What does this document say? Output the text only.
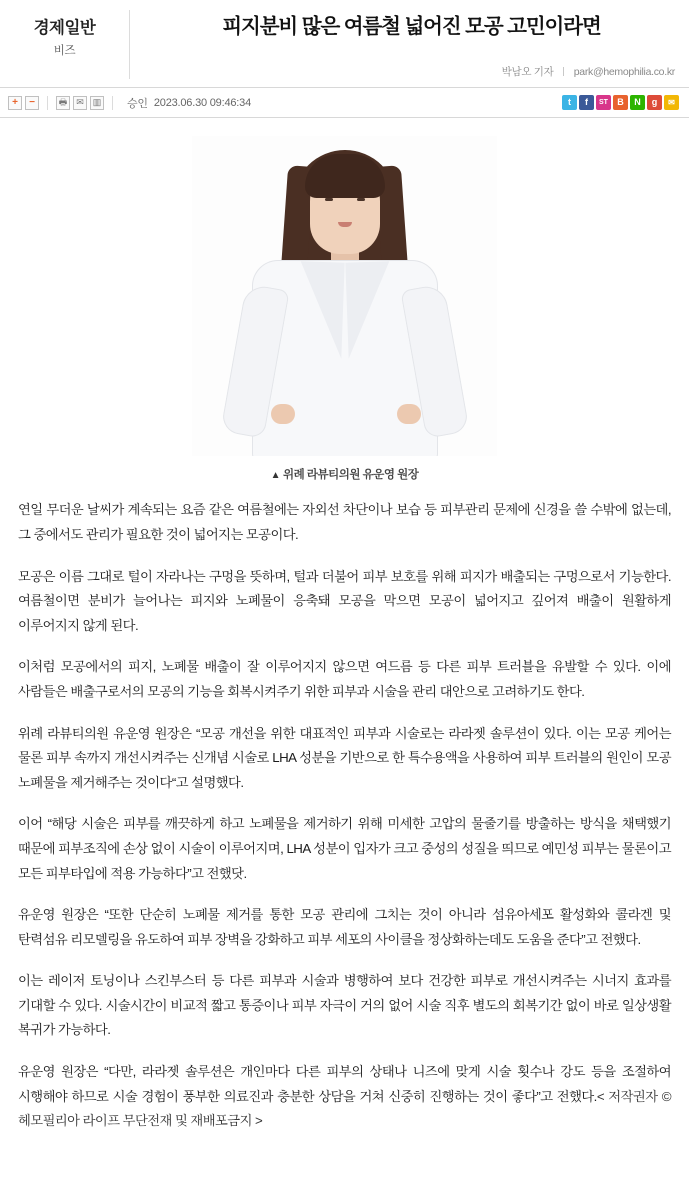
경제일반
비즈
피지분비 많은 여름철 넓어진 모공 고민이라면
박남오 기자 park@hemophilia.co.kr
+	−	🖶 ✉ ▥ 승인 2023.06.30 09:46:34	t	f	ST	B	N	g	✉
▲ 위례 라뷰티의원 유운영 원장

연일 무더운 날씨가 계속되는 요즘 같은 여름철에는 자외선 차단이나 보습 등 피부관리 문제에 신경을 쓸 수밖에 없는데, 그 중에서도 관리가 필요한 것이 넓어지는 모공이다.

모공은 이름 그대로 털이 자라나는 구멍을 뜻하며, 털과 더불어 피부 보호를 위해 피지가 배출되는 구멍으로서 기능한다. 여름철이면 분비가 늘어나는 피지와 노폐물이 응축돼 모공을 막으면 모공이 넓어지고 깊어져 배출이 원활하게 이루어지지 않게 된다.

이처럼 모공에서의 피지, 노폐물 배출이 잘 이루어지지 않으면 여드름 등 다른 피부 트러블을 유발할 수 있다. 이에 사람들은 배출구로서의 모공의 기능을 회복시켜주기 위한 피부과 시술을 관리 대안으로 고려하기도 한다.

위례 라뷰티의원 유운영 원장은 “모공 개선을 위한 대표적인 피부과 시술로는 라라젯 솔루션이 있다. 이는 모공 케어는 물론 피부 속까지 개선시켜주는 신개념 시술로 LHA 성분을 기반으로 한 특수용액을 사용하여 피부 트러블의 원인이 모공 노폐물을 제거해주는 것이다“고 설명했다.

이어 “해당 시술은 피부를 깨끗하게 하고 노폐물을 제거하기 위해 미세한 고압의 물줄기를 방출하는 방식을 채택했기 때문에 피부조직에 손상 없이 시술이 이루어지며, LHA 성분이 입자가 크고 중성의 성질을 띄므로 예민성 피부는 물론이고 모든 피부타입에 적용 가능하다”고 전했닷.

유운영 원장은 “또한 단순히 노폐물 제거를 통한 모공 관리에 그치는 것이 아니라 섬유아세포 활성화와 콜라겐 및 탄력섬유 리모델링을 유도하여 피부 장벽을 강화하고 피부 세포의 사이클을 정상화하는데도 도움을 준다”고 전했다.

이는 레이저 토닝이나 스킨부스터 등 다른 피부과 시술과 병행하여 보다 건강한 피부로 개선시켜주는 시너지 효과를 기대할 수 있다. 시술시간이 비교적 짧고 통증이나 피부 자극이 거의 없어 시술 직후 별도의 회복기간 없이 바로 일상생활 복귀가 가능하다.

유운영 원장은 “다만, 라라젯 솔루션은 개인마다 다른 피부의 상태나 니즈에 맞게 시술 횟수나 강도 등을 조절하여 시행해야 하므로 시술 경험이 풍부한 의료진과 충분한 상담을 거쳐 신중히 진행하는 것이 좋다”고 전했다.< 저작권자 © 헤모필리아 라이프 무단전재 및 재배포금지 >
